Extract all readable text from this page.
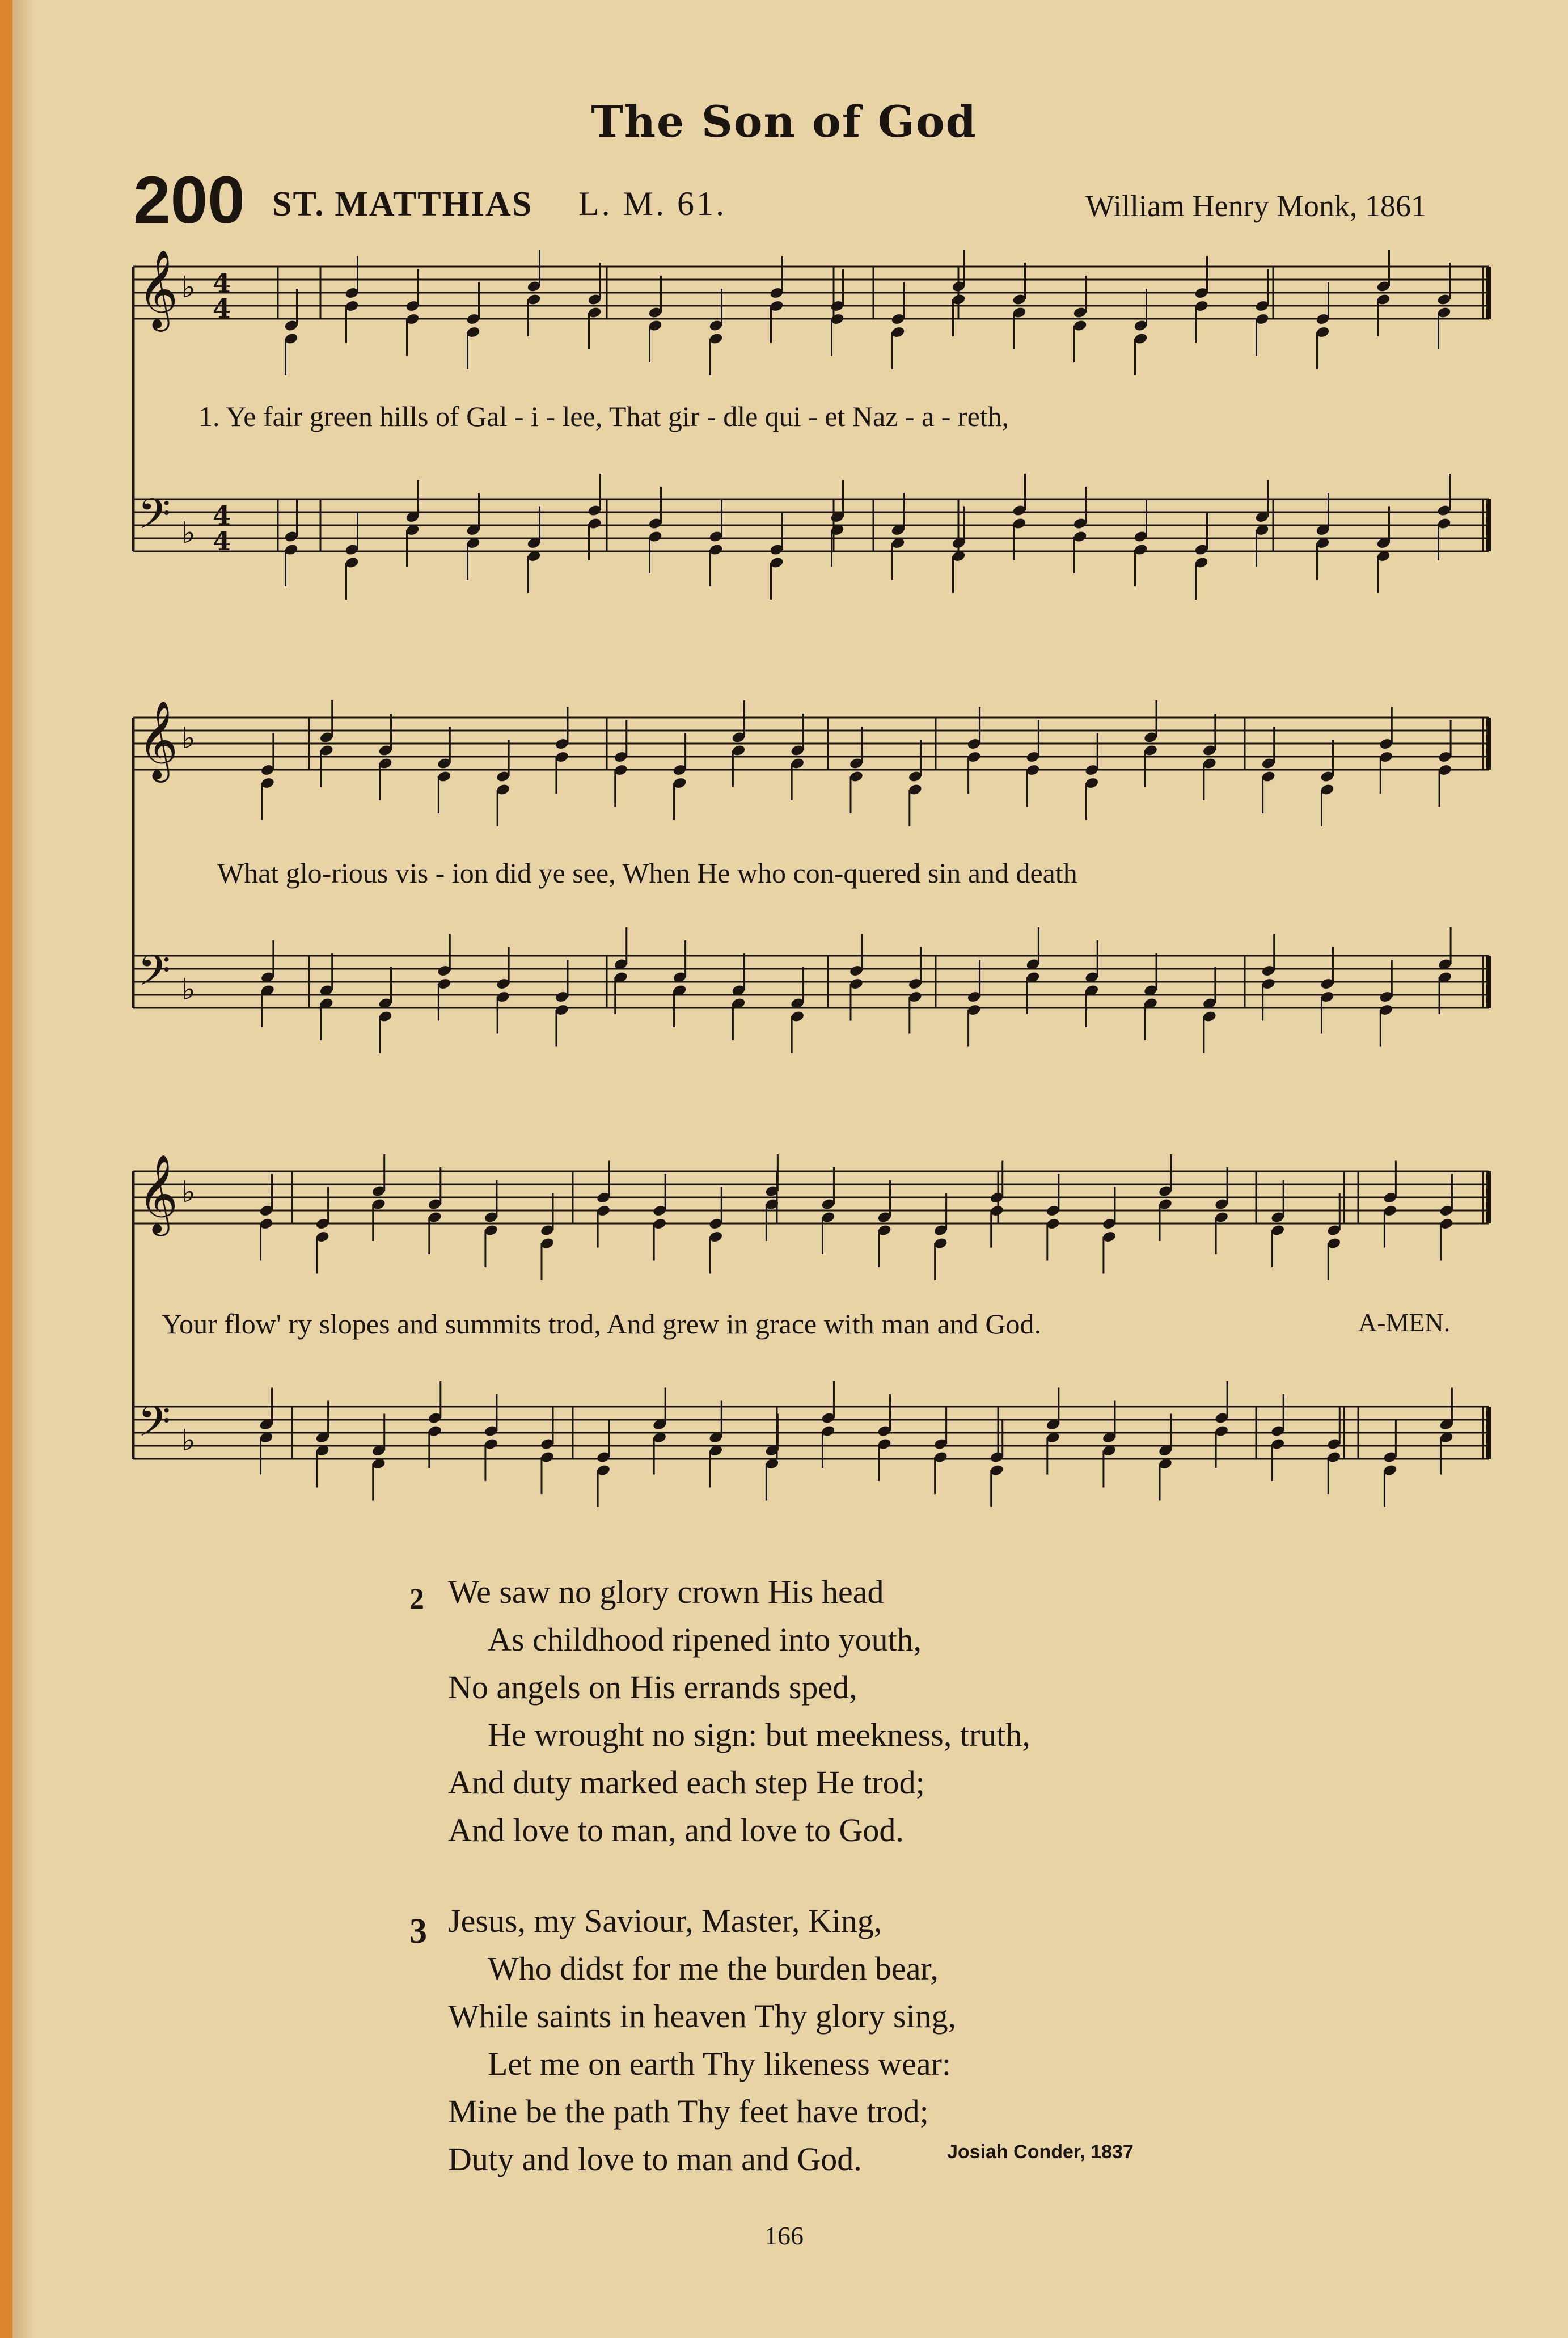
The Son of God
200 ST. MATTHIAS L. M. 61.	William Henry Monk, 1861
𝄞 ♭
𝄢 ♭
4
4
4
4
𝄞 ♭
𝄢 ♭
𝄞 ♭
𝄢 ♭
1. Ye fair green hills of Gal - i - lee, That gir - dle qui - et Naz - a - reth,
What glo-rious vis - ion did ye see, When He who con-quered sin and death
Your flow' ry slopes and summits trod, And grew in grace with man and God.	A-MEN.
2 We saw no glory crown His head
As childhood ripened into youth,
No angels on His errands sped,
He wrought no sign: but meekness, truth,
And duty marked each step He trod;
And love to man, and love to God.
3 Jesus, my Saviour, Master, King,
Who didst for me the burden bear,
While saints in heaven Thy glory sing,
Let me on earth Thy likeness wear:
Mine be the path Thy feet have trod;
Duty and love to man and God.	Josiah Conder, 1837
166
